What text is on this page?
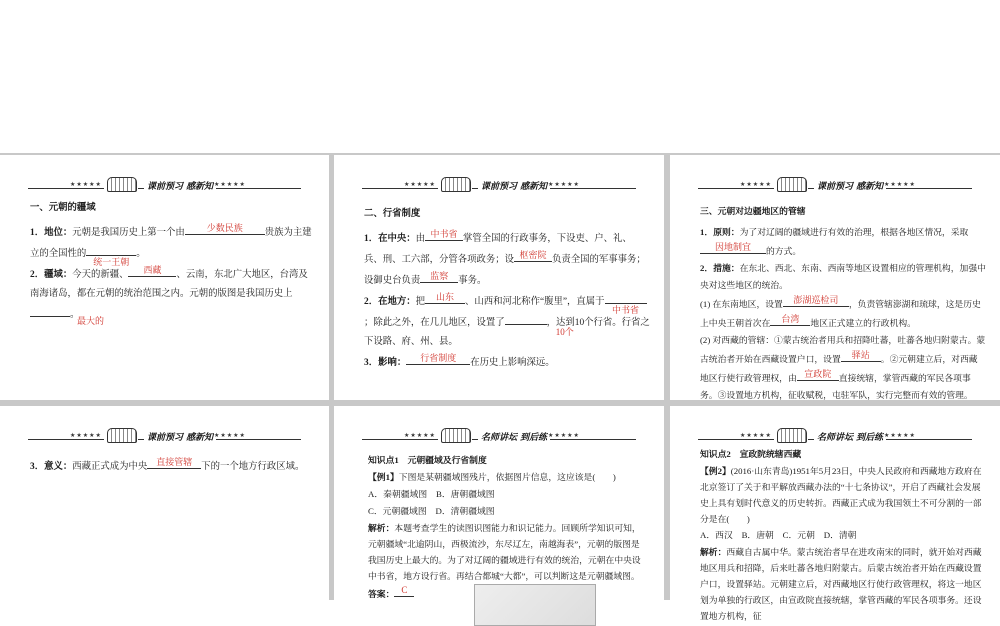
★★★★★	课前预习 感新知 ★★★★★

一、元朝的疆域

1．地位：元朝是我国历史上第一个由	少数民族	贵族为主建立的全国性的
统一王朝
。

2．疆域：今天的新疆、	西藏	、云南，东北广大地区，台湾及南海诸岛，都在元朝的统治范围之内。元朝的版图是我国历史上
最大的
。

★★★★★	课前预习 感新知 ★★★★★

二、行省制度

1．在中央：由 中书省 掌管全国的行政事务，下设吏、户、礼、兵、刑、工六部，分管各项政务；设 枢密院 负责全国的军事事务；设御史台负责	监察	事务。

2．在地方：把	山东	、山西和河北称作“腹里”，直属于
中书省
；除此之外，在几儿地区，设置了	，达到
10个
10个行省。行省之下设路、府、州、县。

3．影响：	行省制度	在历史上影响深远。

★★★★★	课前预习 感新知 ★★★★★

三、元朝对边疆地区的管辖

1．原则：为了对辽阔的疆域进行有效的治理，根据各地区情况，采取
因地制宜	的方式。

2．措施：在东北、西北、东南、西南等地区设置相应的管理机构，加强中央对这些地区的统治。

(1) 在东南地区，设置	澎湖巡检司	，负责管辖澎湖和琉球，这是历史上中央王朝首次在	台湾	地区正式建立的行政机构。

(2) 对西藏的管辖：①蒙古统治者用兵和招降吐蕃，吐蕃各地归附蒙古。蒙古统治者开始在西藏设置户口，设置	驿站	。②元朝建立后，对西藏地区行使行政管理权，由 宣政院 直接统辖，掌管西藏的军民各项事务。③设置地方机构，征收赋税，屯驻军队，实行完整而有效的管理。

★★★★★	课前预习 感新知 ★★★★★

3．意义：西藏正式成为中央 直接管辖 下的一个地方行政区域。

★★★★★	名师讲坛 到后练 ★★★★★

知识点1　元朝疆域及行省制度

【例1】下图是某朝疆域图残片，依据图片信息，这应该是(　　)

A．秦朝疆域图　 B．唐朝疆域图

C．元朝疆域图　 D．清朝疆域图

解析：本题考查学生的读图识图能力和识记能力。回顾所学知识可知，元朝疆域“北逾阴山，西极流沙，东尽辽左，南越海表”，元朝的版图是我国历史上最大的。为了对辽阔的疆域进行有效的统治，元朝在中央设中书省，地方设行省。再结合都城“大都”，可以判断这是元朝疆域图。

答案： C

★★★★★	名师讲坛 到后练 ★★★★★

知识点2　宣政院统辖西藏

【例2】(2016·山东青岛)1951年5月23日，中央人民政府和西藏地方政府在北京签订了关于和平解放西藏办法的“十七条协议”，开启了西藏社会发展史上具有划时代意义的历史转折。西藏正式成为我国领土不可分割的一部分是在(　　)

A．西汉　 B．唐朝　 C．元朝　 D．清朝

解析：西藏自古属中华。蒙古统治者早在进攻南宋的同时，就开始对西藏地区用兵和招降，后来吐蕃各地归附蒙古。后蒙古统治者开始在西藏设置户口，设置驿站。元朝建立后，对西藏地区行使行政管理权，将这一地区划为单独的行政区，由宣政院直接统辖，掌管西藏的军民各项事务。还设置地方机构，征
